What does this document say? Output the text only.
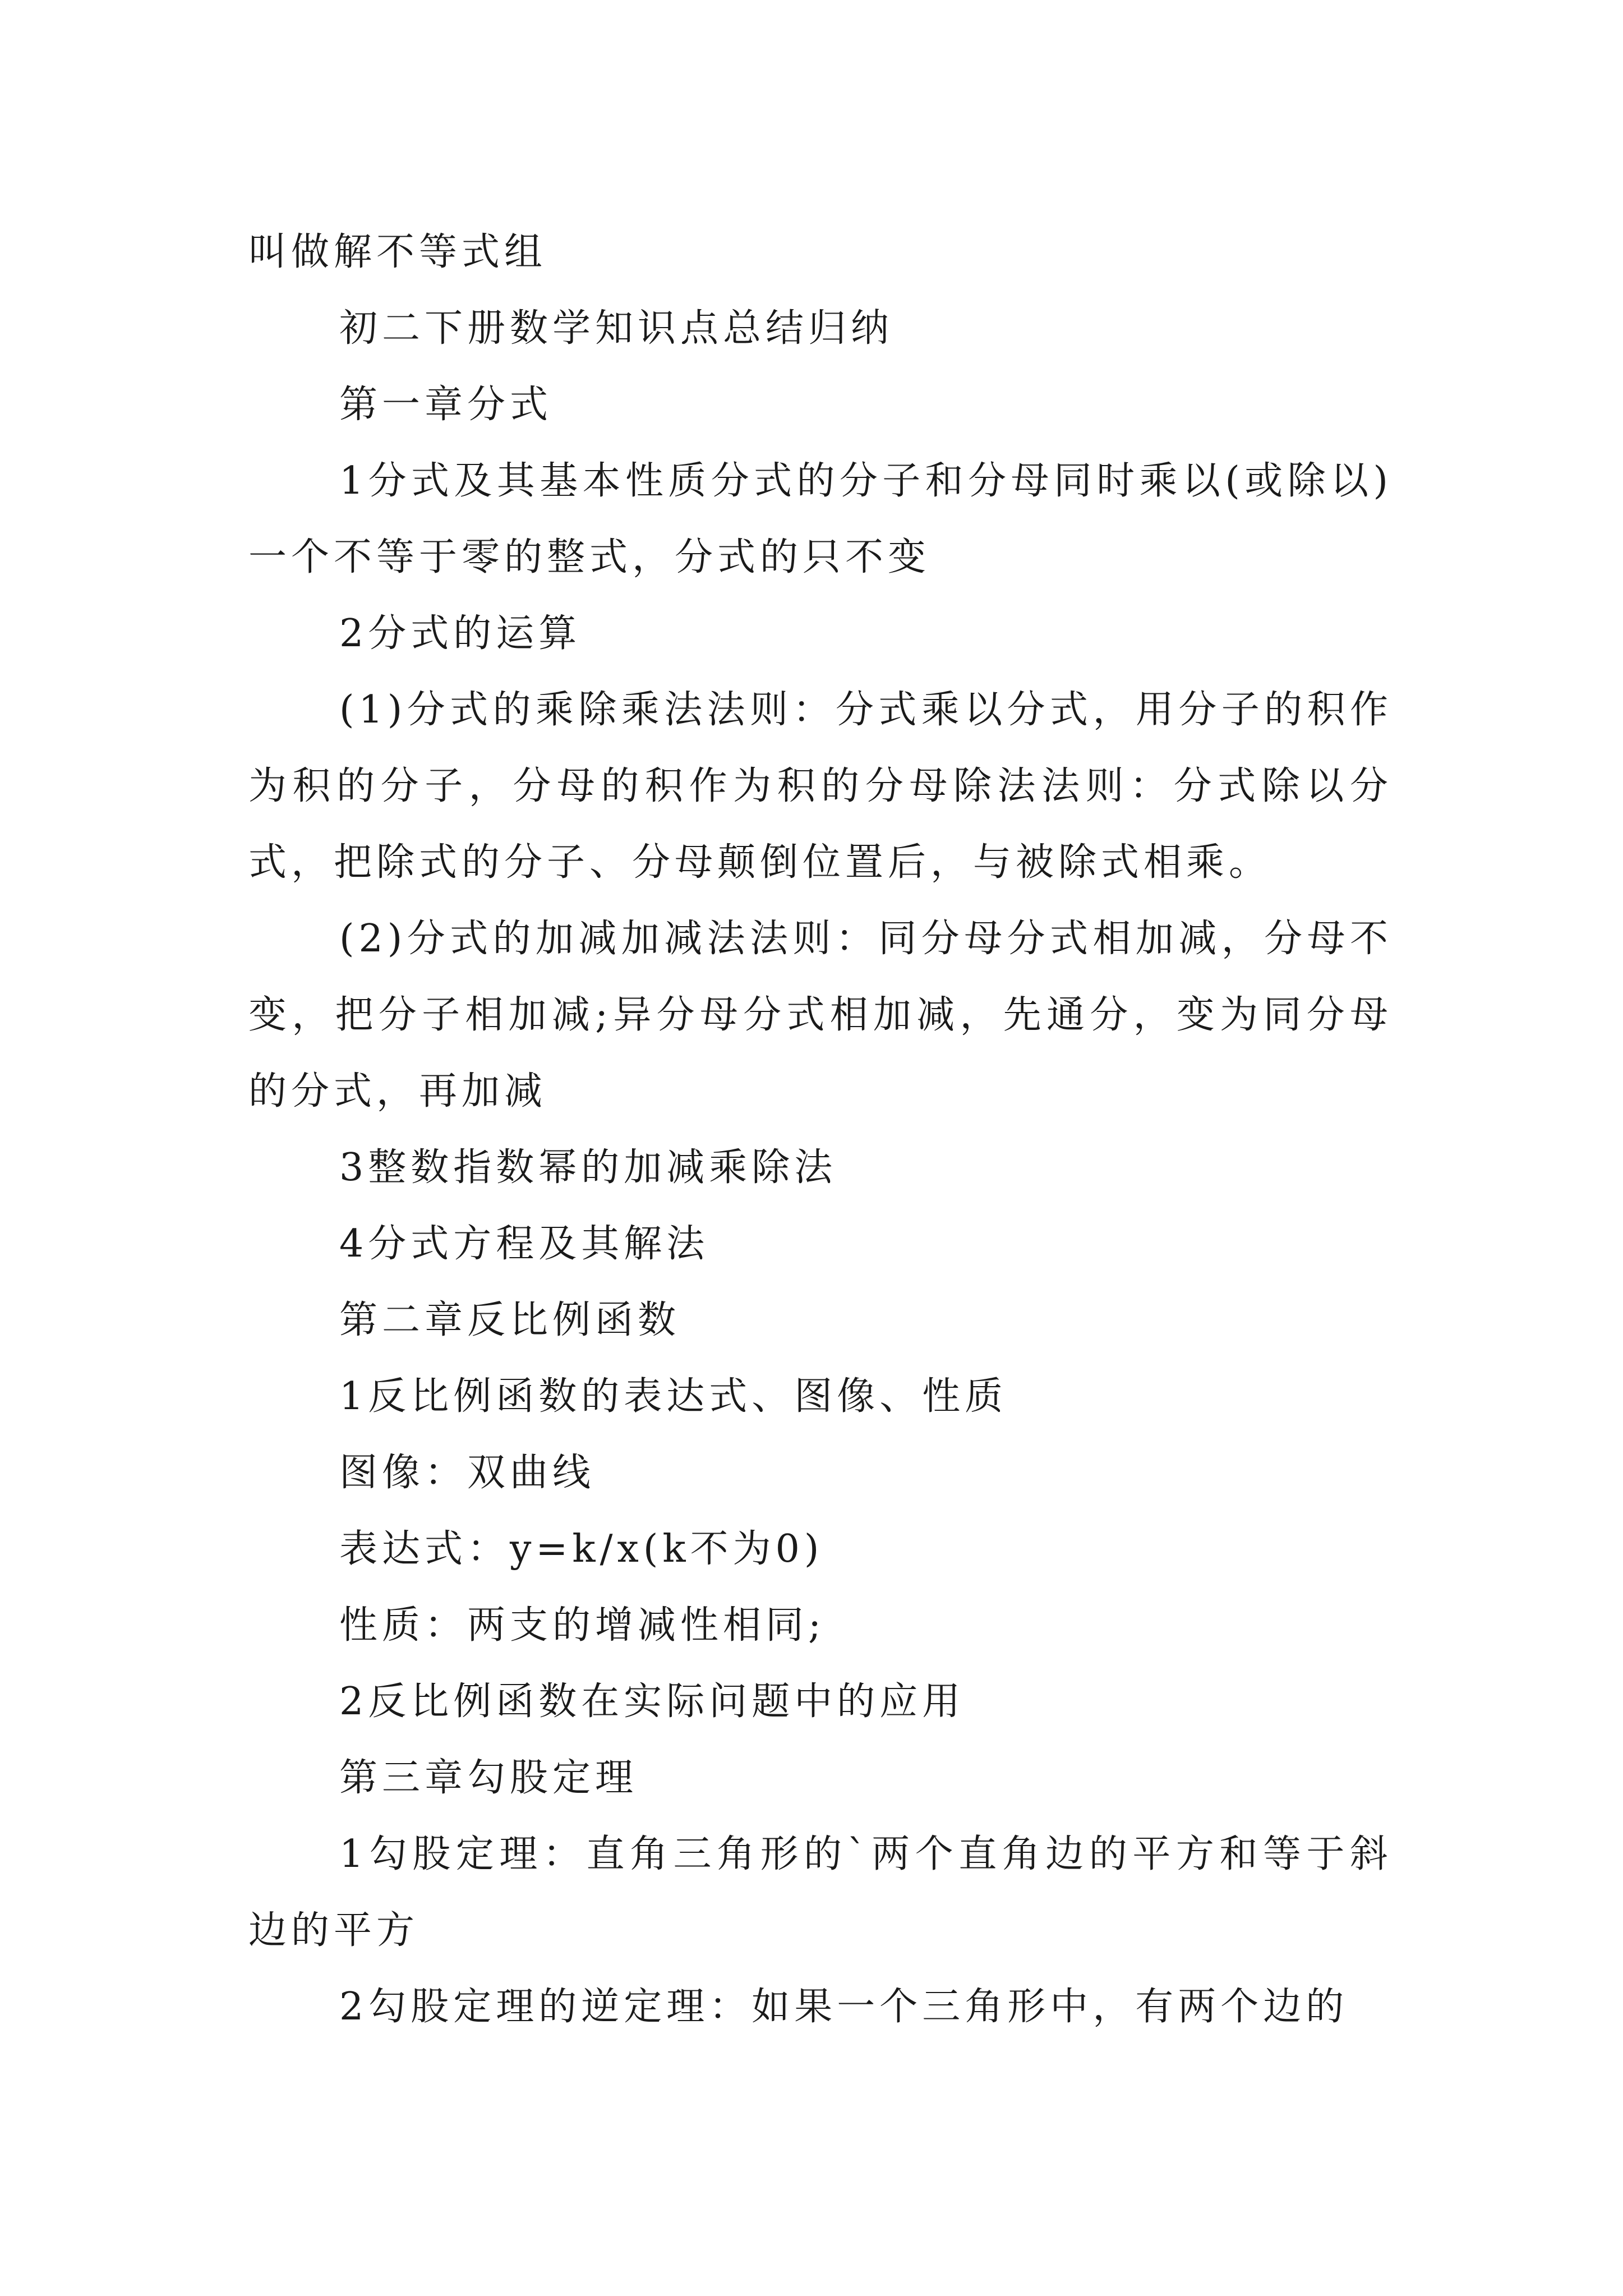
叫做解不等式组

初二下册数学知识点总结归纳

第一章分式

1分式及其基本性质分式的分子和分母同时乘以(或除以)一个不等于零的整式，分式的只不变

2分式的运算

(1)分式的乘除乘法法则：分式乘以分式，用分子的积作为积的分子，分母的积作为积的分母除法法则：分式除以分式，把除式的分子、分母颠倒位置后，与被除式相乘。

(2)分式的加减加减法法则：同分母分式相加减，分母不变，把分子相加减;异分母分式相加减，先通分，变为同分母的分式，再加减

3整数指数幂的加减乘除法

4分式方程及其解法

第二章反比例函数

1反比例函数的表达式、图像、性质

图像：双曲线

表达式：y=k/x(k不为0)

性质：两支的增减性相同;

2反比例函数在实际问题中的应用

第三章勾股定理

1勾股定理：直角三角形的`两个直角边的平方和等于斜边的平方

2勾股定理的逆定理：如果一个三角形中，有两个边的
